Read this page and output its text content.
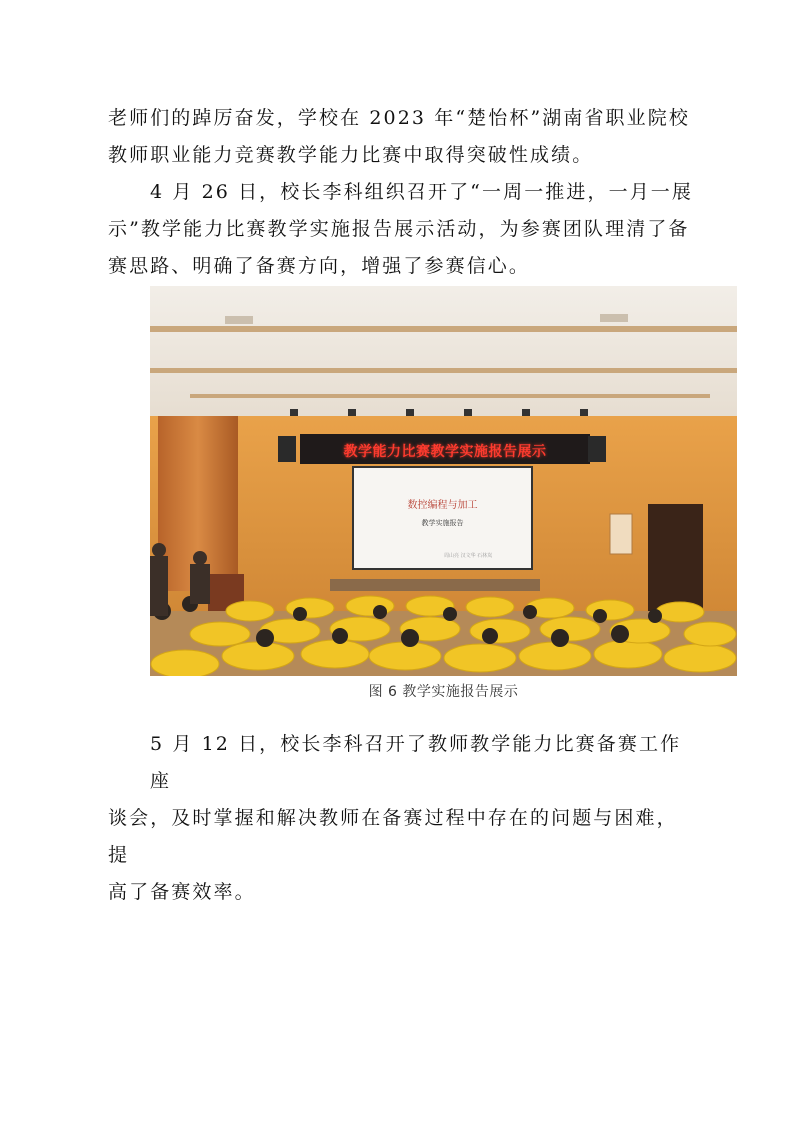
老师们的踔厉奋发，学校在 2023 年“楚怡杯”湖南省职业院校
教师职业能力竞赛教学能力比赛中取得突破性成绩。

4 月 26 日，校长李科组织召开了“一周一推进，一月一展
示”教学能力比赛教学实施报告展示活动，为参赛团队理清了备
赛思路、明确了备赛方向，增强了参赛信心。

教学能力比赛教学实施报告展示
数控编程与加工
教学实施报告
周山亮 汉文华 石林岚
图 6 教学实施报告展示

5 月 12 日，校长李科召开了教师教学能力比赛备赛工作座
谈会，及时掌握和解决教师在备赛过程中存在的问题与困难，提
高了备赛效率。
